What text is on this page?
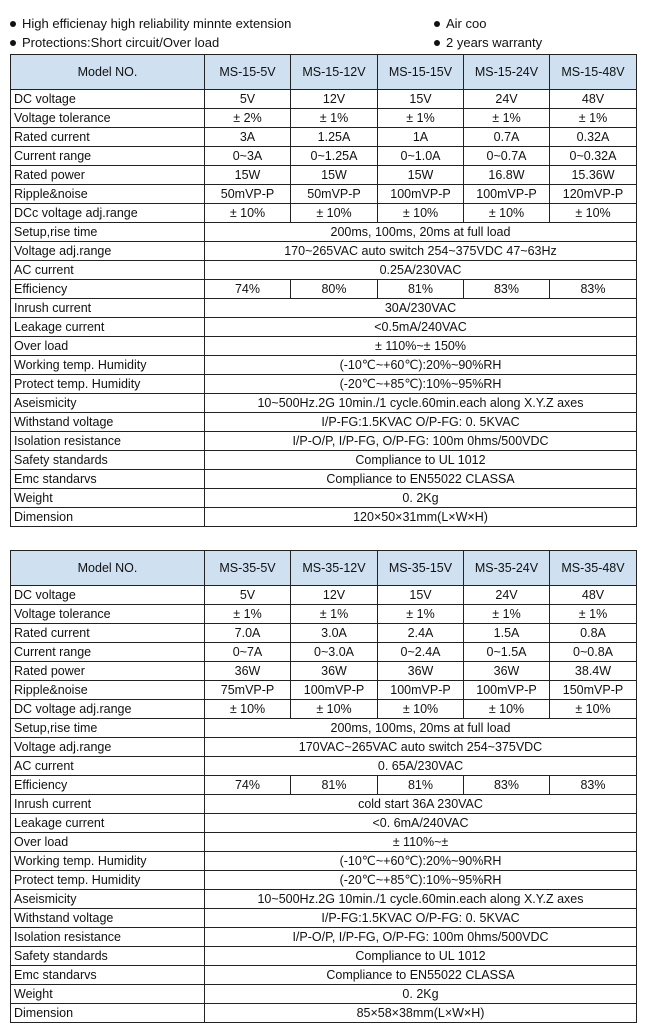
High efficienay high reliability minnte extension	Air coo
Protections:Short circuit/Over load	2 years warranty
Model NO.	MS-15-5V	MS-15-12V	MS-15-15V	MS-15-24V	MS-15-48V
DC voltage	5V	12V	15V	24V	48V
Voltage tolerance	± 2%	± 1%	± 1%	± 1%	± 1%
Rated current	3A	1.25A	1A	0.7A	0.32A
Current range	0~3A	0~1.25A	0~1.0A	0~0.7A	0~0.32A
Rated power	15W	15W	15W	16.8W	15.36W
Ripple&noise	50mVP-P	50mVP-P	100mVP-P	100mVP-P	120mVP-P
DCc voltage adj.range	± 10%	± 10%	± 10%	± 10%	± 10%
Setup,rise time	200ms, 100ms, 20ms at full load				
Voltage adj.range	170~265VAC auto switch 254~375VDC 47~63Hz				
AC current	0.25A/230VAC				
Efficiency	74%	80%	81%	83%	83%
Inrush current	30A/230VAC				
Leakage current	<0.5mA/240VAC				
Over load	± 110%~± 150%				
Working temp. Humidity	(-10℃~+60℃):20%~90%RH				
Protect temp. Humidity	(-20℃~+85℃):10%~95%RH				
Aseismicity	10~500Hz.2G 10min./1 cycle.60min.each along X.Y.Z axes				
Withstand voltage	I/P-FG:1.5KVAC O/P-FG: 0. 5KVAC				
Isolation resistance	I/P-O/P, I/P-FG, O/P-FG: 100m 0hms/500VDC				
Safety standards	Compliance to UL 1012				
Emc standarvs	Compliance to EN55022 CLASSA				
Weight	0. 2Kg				
Dimension	120×50×31mm(L×W×H)				
Model NO.	MS-35-5V	MS-35-12V	MS-35-15V	MS-35-24V	MS-35-48V
DC voltage	5V	12V	15V	24V	48V
Voltage tolerance	± 1%	± 1%	± 1%	± 1%	± 1%
Rated current	7.0A	3.0A	2.4A	1.5A	0.8A
Current range	0~7A	0~3.0A	0~2.4A	0~1.5A	0~0.8A
Rated power	36W	36W	36W	36W	38.4W
Ripple&noise	75mVP-P	100mVP-P	100mVP-P	100mVP-P	150mVP-P
DC voltage adj.range	± 10%	± 10%	± 10%	± 10%	± 10%
Setup,rise time	200ms, 100ms, 20ms at full load				
Voltage adj.range	170VAC~265VAC auto switch 254~375VDC				
AC current	0. 65A/230VAC				
Efficiency	74%	81%	81%	83%	83%
Inrush current	cold start 36A 230VAC				
Leakage current	<0. 6mA/240VAC				
Over load	± 110%~±				
Working temp. Humidity	(-10℃~+60℃):20%~90%RH				
Protect temp. Humidity	(-20℃~+85℃):10%~95%RH				
Aseismicity	10~500Hz.2G 10min./1 cycle.60min.each along X.Y.Z axes				
Withstand voltage	I/P-FG:1.5KVAC O/P-FG: 0. 5KVAC				
Isolation resistance	I/P-O/P, I/P-FG, O/P-FG: 100m 0hms/500VDC				
Safety standards	Compliance to UL 1012				
Emc standarvs	Compliance to EN55022 CLASSA				
Weight	0. 2Kg				
Dimension	85×58×38mm(L×W×H)				
